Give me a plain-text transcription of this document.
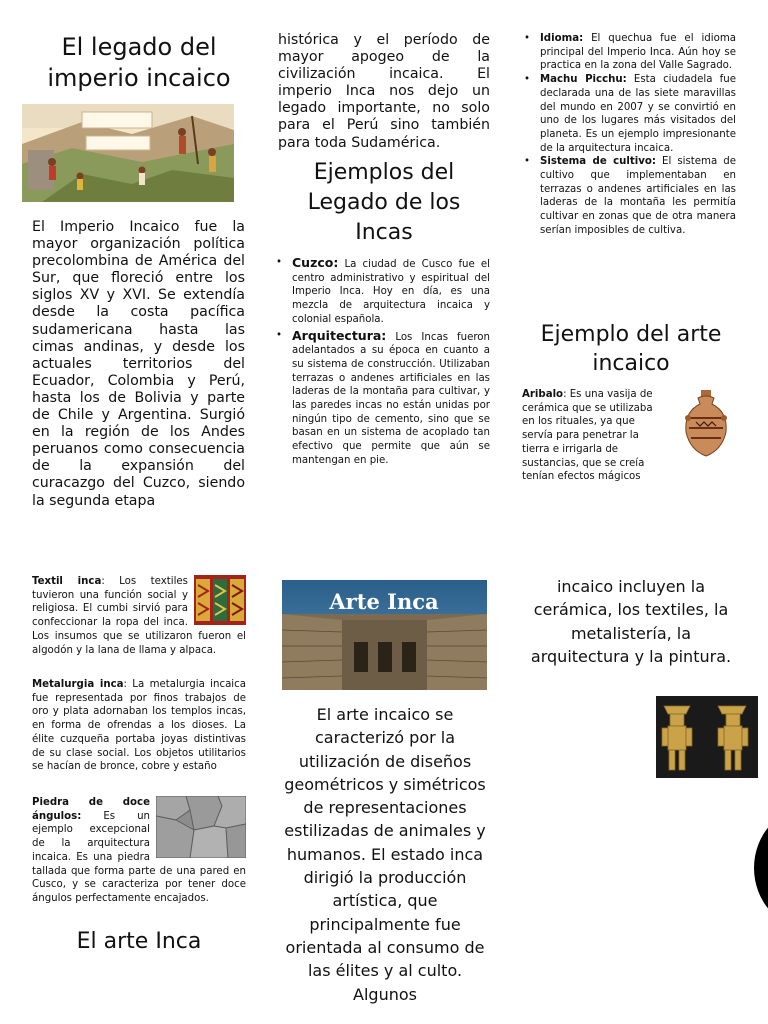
El legado del imperio incaico

El Imperio Incaico fue la mayor organización política precolombina de América del Sur, que floreció entre los siglos XV y XVI. Se extendía desde la costa pacífica sudamericana hasta las cimas andinas, y desde los actuales territorios del Ecuador, Colombia y Perú, hasta los de Bolivia y parte de Chile y Argentina. Surgió en la región de los Andes peruanos como consecuencia de la expansión del curacazgo del Cuzco, siendo la segunda etapa

histórica y el período de mayor apogeo de la civilización incaica. El imperio Inca nos dejo un legado importante, no solo para el Perú sino también para toda Sudamérica.

Ejemplos del Legado de los Incas
• Cuzco: La ciudad de Cusco fue el centro administrativo y espiritual del Imperio Inca. Hoy en día, es una mezcla de arquitectura incaica y colonial española.
• Arquitectura: Los Incas fueron adelantados a su época en cuanto a su sistema de construcción. Utilizaban terrazas o andenes artificiales en las laderas de la montaña para cultivar, y las paredes incas no están unidas por ningún tipo de cemento, sino que se basan en un sistema de acoplado tan efectivo que permite que aún se mantengan en pie.
• Idioma: El quechua fue el idioma principal del Imperio Inca. Aún hoy se practica en la zona del Valle Sagrado.
• Machu Picchu: Esta ciudadela fue declarada una de las siete maravillas del mundo en 2007 y se convirtió en uno de los lugares más visitados del planeta. Es un ejemplo impresionante de la arquitectura incaica.
• Sistema de cultivo: El sistema de cultivo que implementaban en terrazas o andenes artificiales en las laderas de la montaña les permitía cultivar en zonas que de otra manera serían imposibles de cultiva.
Ejemplo del arte incaico

Aribalo: Es una vasija de cerámica que se utilizaba en los rituales, ya que servía para penetrar la tierra e irrigarla de sustancias, que se creía tenían efectos mágicos

Textil inca: Los textiles tuvieron una función social y religiosa. El cumbi sirvió para confeccionar la ropa del inca. Los insumos que se utilizaron fueron el algodón y la lana de llama y alpaca.
Metalurgia inca: La metalurgia incaica fue representada por finos trabajos de oro y plata adornaban los templos incas, en forma de ofrendas a los dioses. La élite cuzqueña portaba joyas distintivas de su clase social. Los objetos utilitarios se hacían de bronce, cobre y estaño
Piedra de doce ángulos: Es un ejemplo excepcional de la arquitectura incaica. Es una piedra tallada que forma parte de una pared en Cusco, y se caracteriza por tener doce ángulos perfectamente encajados.
El arte Inca
Arte Inca

El arte incaico se caracterizó por la utilización de diseños geométricos y simétricos de representaciones estilizadas de animales y humanos. El estado inca dirigió la producción artística, que principalmente fue orientada al consumo de las élites y al culto. Algunos

incaico incluyen la cerámica, los textiles, la metalistería, la arquitectura y la pintura.
